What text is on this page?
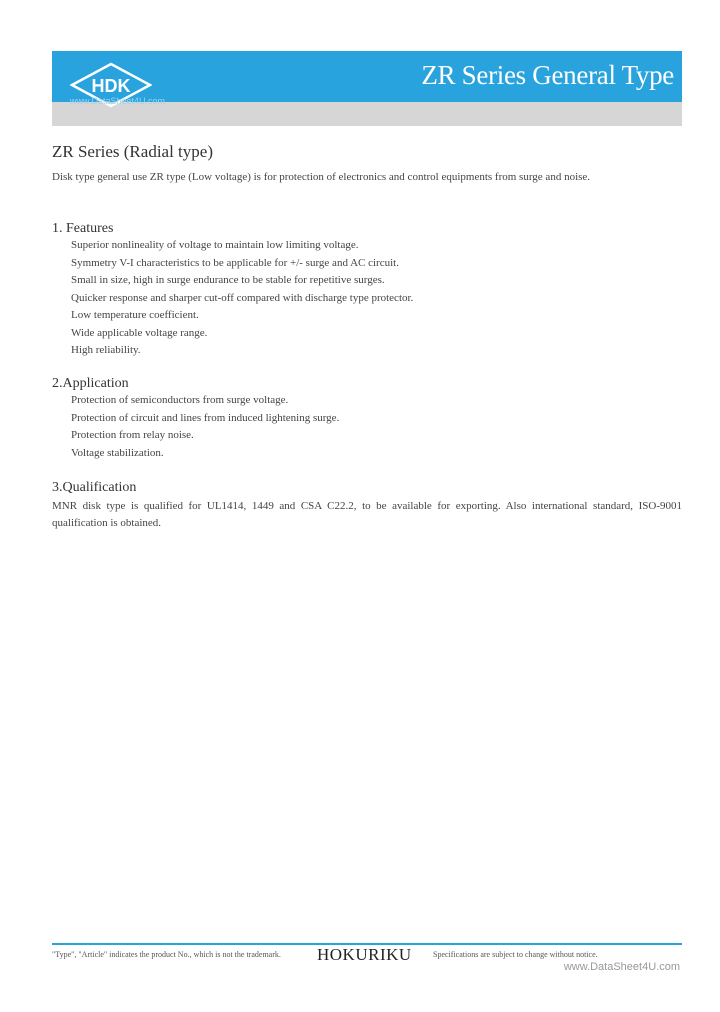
HDK
www.DataSheet4U.com
ZR Series General Type
ZR Series (Radial type)
Disk type general use ZR type (Low voltage) is for protection of electronics and control equipments from surge and noise.
1. Features
Superior nonlineality of voltage to maintain low limiting voltage.
Symmetry V-I characteristics to be applicable for +/- surge and AC circuit.
Small in size, high in surge endurance to be stable for repetitive surges.
Quicker response and sharper cut-off compared with discharge type protector.
Low temperature coefficient.
Wide applicable voltage range.
High reliability.
2.Application
Protection of semiconductors from surge voltage.
Protection of circuit and lines from induced lightening surge.
Protection from relay noise.
Voltage stabilization.
3.Qualification
MNR disk type is qualified for UL1414, 1449 and CSA C22.2, to be available for exporting. Also international standard, ISO-9001 qualification is obtained.
"Type", "Article" indicates the product No., which is not the trademark. HOKURIKU	Specifications are subject to change without notice.
www.DataSheet4U.com
